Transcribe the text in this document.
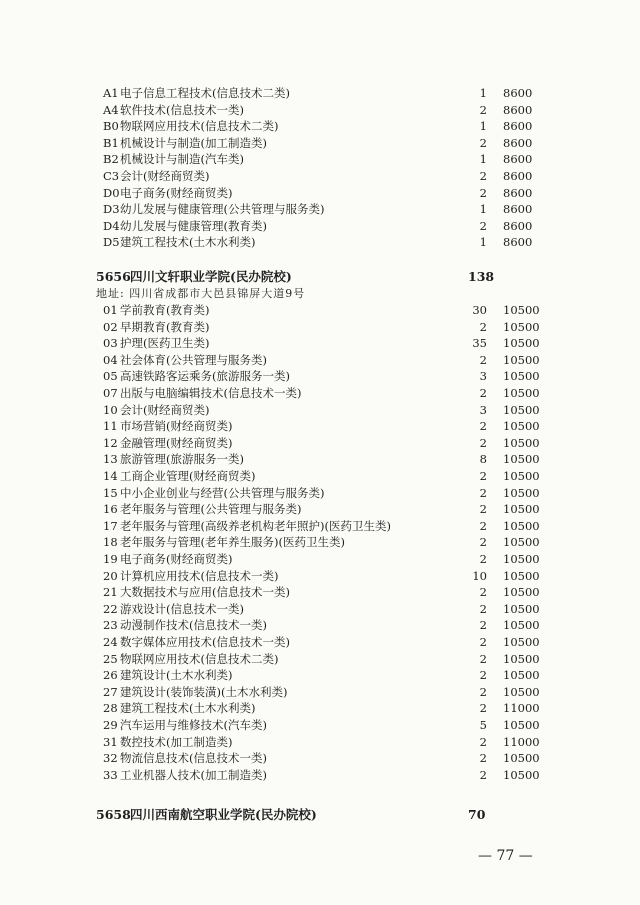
A1 电子信息工程技术(信息技术二类)	1 8600
A4 软件技术(信息技术一类)	2 8600
B0 物联网应用技术(信息技术二类)	1 8600
B1 机械设计与制造(加工制造类)	2 8600
B2 机械设计与制造(汽车类)	1 8600
C3 会计(财经商贸类)	2 8600
D0 电子商务(财经商贸类)	2 8600
D3 幼儿发展与健康管理(公共管理与服务类)	1 8600
D4 幼儿发展与健康管理(教育类)	2 8600
D5 建筑工程技术(土木水利类)	1 8600
5656 四川文轩职业学院(民办院校)	138
地址: 四川省成都市大邑县锦屏大道9号
01 学前教育(教育类)	30 10500
02 早期教育(教育类)	2 10500
03 护理(医药卫生类)	35 10500
04 社会体育(公共管理与服务类)	2 10500
05 高速铁路客运乘务(旅游服务一类)	3 10500
07 出版与电脑编辑技术(信息技术一类)	2 10500
10 会计(财经商贸类)	3 10500
11 市场营销(财经商贸类)	2 10500
12 金融管理(财经商贸类)	2 10500
13 旅游管理(旅游服务一类)	8 10500
14 工商企业管理(财经商贸类)	2 10500
15 中小企业创业与经营(公共管理与服务类)	2 10500
16 老年服务与管理(公共管理与服务类)	2 10500
17 老年服务与管理(高级养老机构老年照护)(医药卫生类)	2 10500
18 老年服务与管理(老年养生服务)(医药卫生类)	2 10500
19 电子商务(财经商贸类)	2 10500
20 计算机应用技术(信息技术一类)	10 10500
21 大数据技术与应用(信息技术一类)	2 10500
22 游戏设计(信息技术一类)	2 10500
23 动漫制作技术(信息技术一类)	2 10500
24 数字媒体应用技术(信息技术一类)	2 10500
25 物联网应用技术(信息技术二类)	2 10500
26 建筑设计(土木水利类)	2 10500
27 建筑设计(装饰装潢)(土木水利类)	2 10500
28 建筑工程技术(土木水利类)	2 11000
29 汽车运用与维修技术(汽车类)	5 10500
31 数控技术(加工制造类)	2 11000
32 物流信息技术(信息技术一类)	2 10500
33 工业机器人技术(加工制造类)	2 10500
5658 四川西南航空职业学院(民办院校)	70
— 77 —
